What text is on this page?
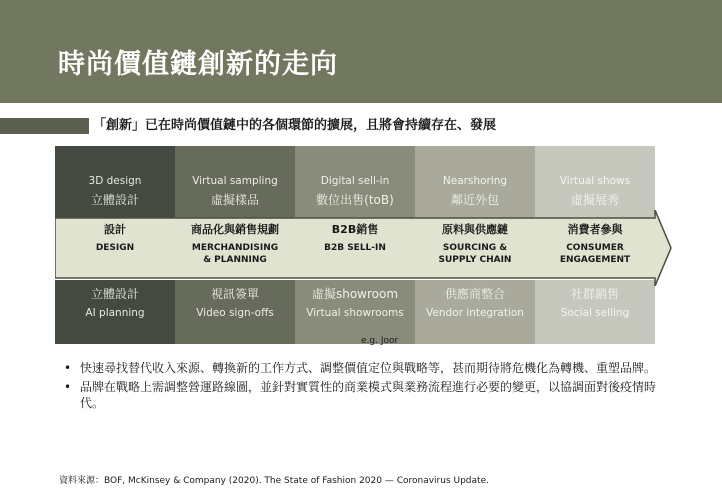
時尚價值鏈創新的走向
「創新」已在時尚價值鏈中的各個環節的擴展，且將會持續存在、發展
3D design
立體設計
立體設計
AI planning
Virtual sampling
虛擬樣品
視訊簽單
Video sign-offs
Digital sell-in
數位出售(toB)
虛擬showroom
Virtual showrooms
Nearshoring
鄰近外包
供應商整合
Vendor integration
Virtual shows
虛擬展秀
社群銷售
Social selling
設計
DESIGN
商品化與銷售規劃
MERCHANDISING
& PLANNING
B2B銷售
B2B SELL-IN
原料與供應鏈
SOURCING &
SUPPLY CHAIN
消費者參與
CONSUMER
ENGAGEMENT
e.g. Joor
• 快速尋找替代收入來源、轉換新的工作方式、調整價值定位與戰略等，甚而期待將危機化為轉機、重塑品牌。
• 品牌在戰略上需調整營運路線圖，並針對實質性的商業模式與業務流程進行必要的變更，以協調面對後疫情時代。
資料來源：BOF, McKinsey & Company (2020). The State of Fashion 2020 — Coronavirus Update.
